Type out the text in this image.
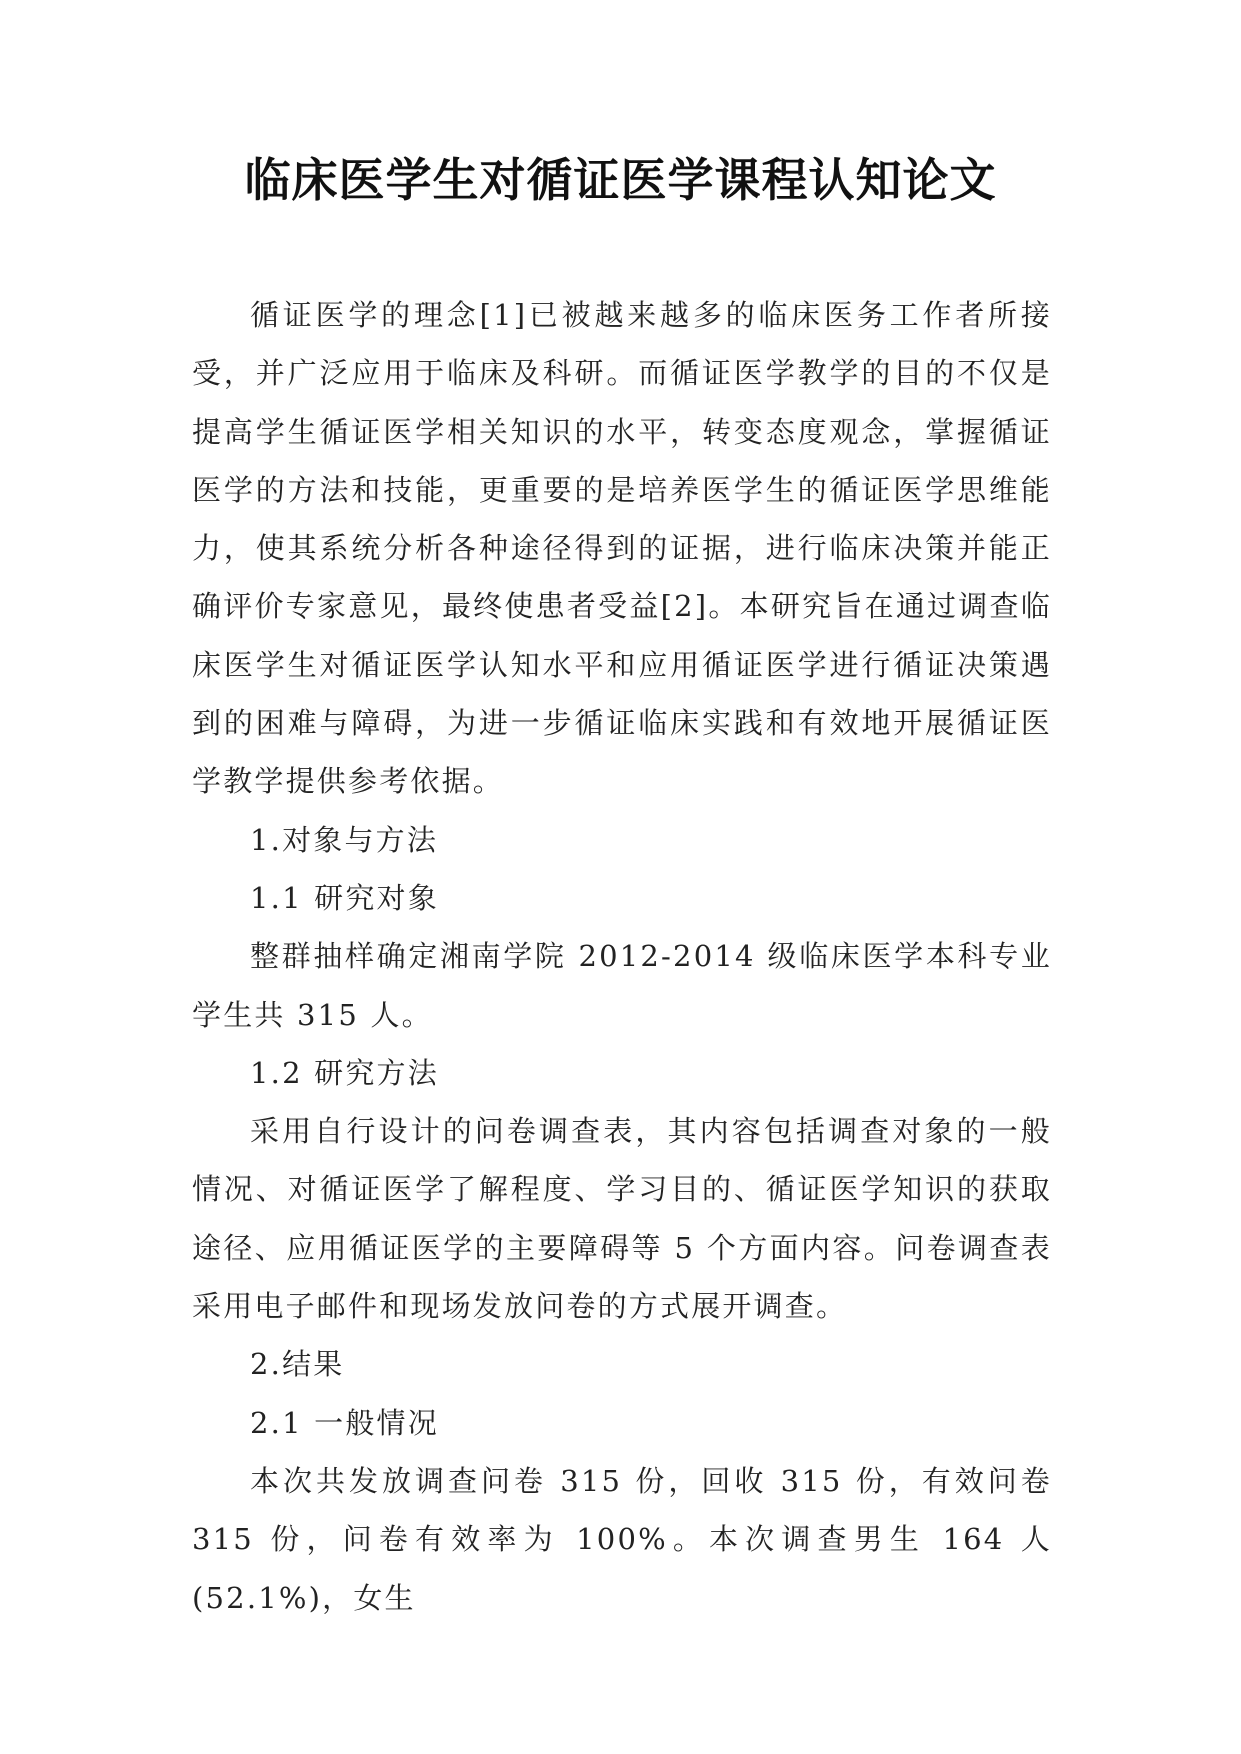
临床医学生对循证医学课程认知论文

循证医学的理念[1]已被越来越多的临床医务工作者所接受，并广泛应用于临床及科研。而循证医学教学的目的不仅是提高学生循证医学相关知识的水平，转变态度观念，掌握循证医学的方法和技能，更重要的是培养医学生的循证医学思维能力，使其系统分析各种途径得到的证据，进行临床决策并能正确评价专家意见，最终使患者受益[2]。本研究旨在通过调查临床医学生对循证医学认知水平和应用循证医学进行循证决策遇到的困难与障碍，为进一步循证临床实践和有效地开展循证医学教学提供参考依据。

1.对象与方法

1.1 研究对象

整群抽样确定湘南学院 2012-2014 级临床医学本科专业学生共 315 人。

1.2 研究方法

采用自行设计的问卷调查表，其内容包括调查对象的一般情况、对循证医学了解程度、学习目的、循证医学知识的获取途径、应用循证医学的主要障碍等 5 个方面内容。问卷调查表采用电子邮件和现场发放问卷的方式展开调查。

2.结果

2.1 一般情况

本次共发放调查问卷 315 份，回收 315 份，有效问卷 315 份，问卷有效率为 100%。本次调查男生 164 人(52.1%)，女生
